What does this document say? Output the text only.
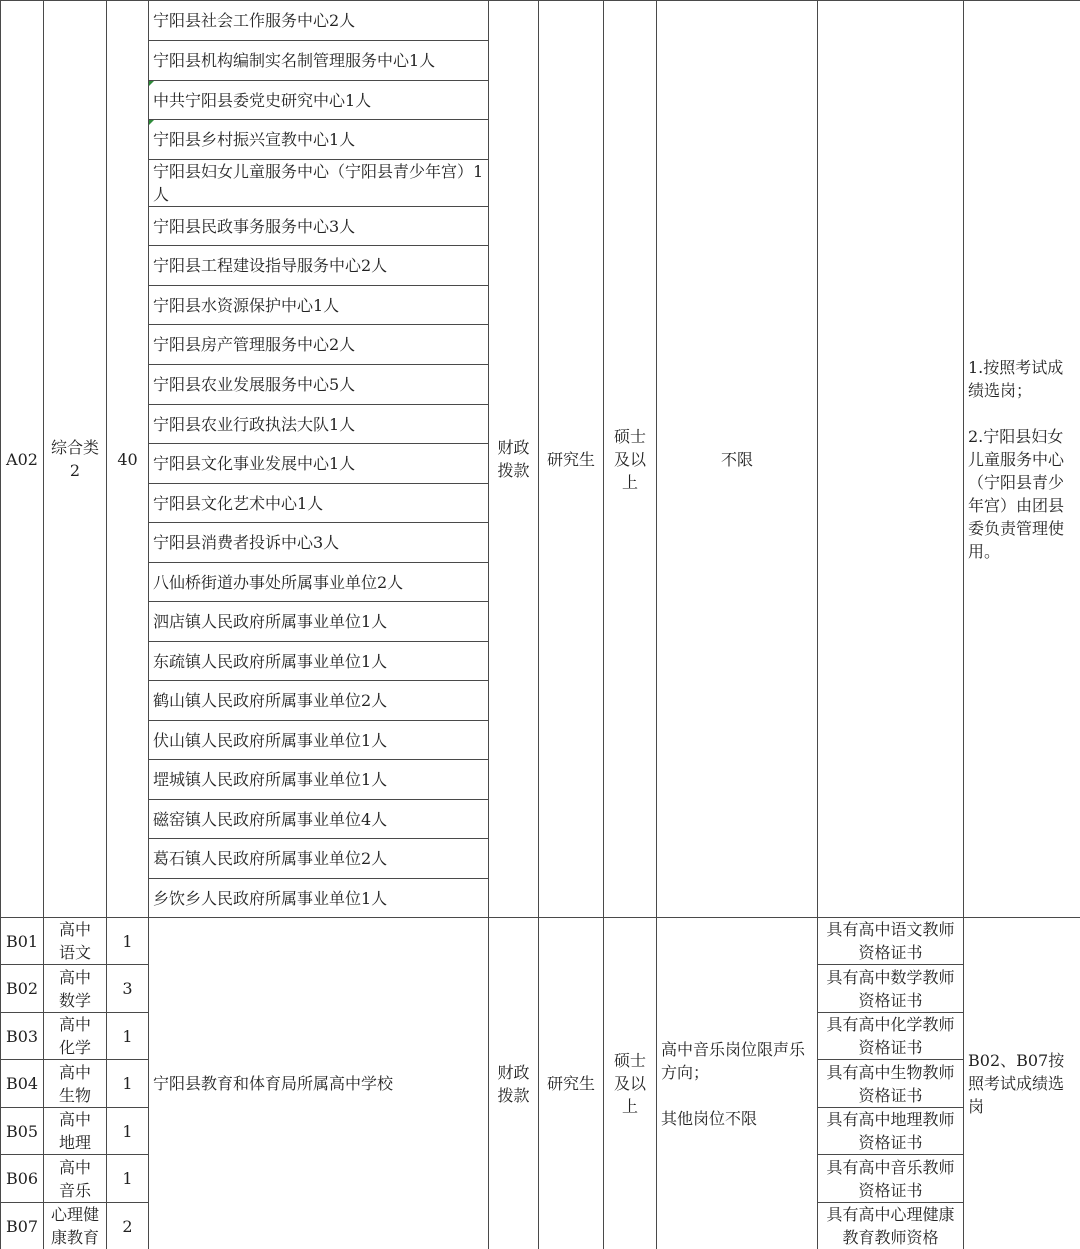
A02	综合类2	40	宁阳县社会工作服务中心2人	财政拨款	研究生	硕士及以上	不限		1.按照考试成绩选岗；
2.宁阳县妇女儿童服务中心（宁阳县青少年宫）由团县委负责管理使用。

			宁阳县机构编制实名制管理服务中心1人						
			中共宁阳县委党史研究中心1人						
			宁阳县乡村振兴宣教中心1人						
			宁阳县妇女儿童服务中心（宁阳县青少年宫）1人						
			宁阳县民政事务服务中心3人						
			宁阳县工程建设指导服务中心2人						
			宁阳县水资源保护中心1人						
			宁阳县房产管理服务中心2人						
			宁阳县农业发展服务中心5人						
			宁阳县农业行政执法大队1人						
			宁阳县文化事业发展中心1人						
			宁阳县文化艺术中心1人						
			宁阳县消费者投诉中心3人						
			八仙桥街道办事处所属事业单位2人						
			泗店镇人民政府所属事业单位1人						
			东疏镇人民政府所属事业单位1人						
			鹤山镇人民政府所属事业单位2人						
			伏山镇人民政府所属事业单位1人						
			堽城镇人民政府所属事业单位1人						
			磁窑镇人民政府所属事业单位4人						
			葛石镇人民政府所属事业单位2人						
			乡饮乡人民政府所属事业单位1人						
B01	高中语文	1	宁阳县教育和体育局所属高中学校	财政拨款	研究生	硕士及以上	高中音乐岗位限声乐方向；
其他岗位不限	具有高中语文教师资格证书	B02、B07按照考试成绩选岗
B02	高中数学	3						具有高中数学教师资格证书	
B03	高中化学	1						具有高中化学教师资格证书	
B04	高中生物	1						具有高中生物教师资格证书	
B05	高中地理	1						具有高中地理教师资格证书	
B06	高中音乐	1						具有高中音乐教师资格证书	
B07	心理健康教育	2						具有高中心理健康教育教师资格	
